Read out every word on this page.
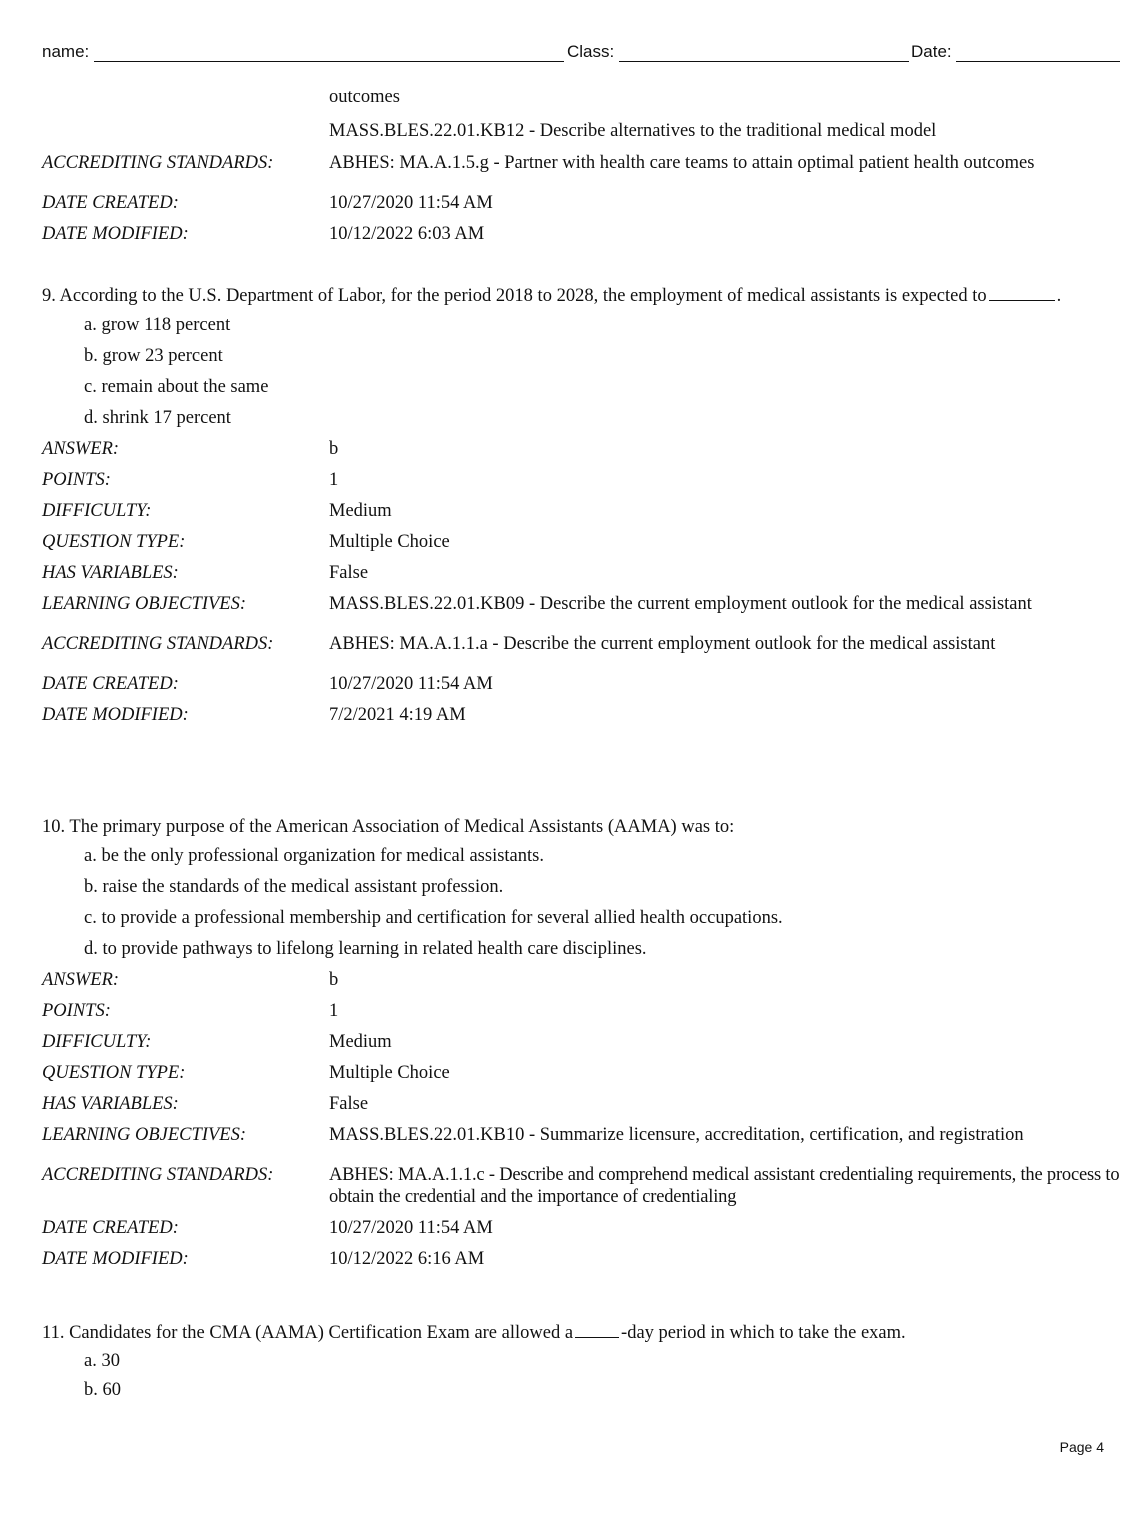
name:	Class:	Date:
outcomes
MASS.BLES.22.01.KB12 - Describe alternatives to the traditional medical model
ACCREDITING STANDARDS:	ABHES: MA.A.1.5.g - Partner with health care teams to attain optimal patient health outcomes
DATE CREATED:	10/27/2020 11:54 AM
DATE MODIFIED:	10/12/2022 6:03 AM
9. According to the U.S. Department of Labor, for the period 2018 to 2028, the employment of medical assistants is expected to	.
a. grow 118 percent
b. grow 23 percent
c. remain about the same
d. shrink 17 percent
ANSWER:	b
POINTS:	1
DIFFICULTY:	Medium
QUESTION TYPE:	Multiple Choice
HAS VARIABLES:	False
LEARNING OBJECTIVES:	MASS.BLES.22.01.KB09 - Describe the current employment outlook for the medical assistant
ACCREDITING STANDARDS:	ABHES: MA.A.1.1.a - Describe the current employment outlook for the medical assistant
DATE CREATED:	10/27/2020 11:54 AM
DATE MODIFIED:	7/2/2021 4:19 AM
10. The primary purpose of the American Association of Medical Assistants (AAMA) was to:
a. be the only professional organization for medical assistants.
b. raise the standards of the medical assistant profession.
c. to provide a professional membership and certification for several allied health occupations.
d. to provide pathways to lifelong learning in related health care disciplines.
ANSWER:	b
POINTS:	1
DIFFICULTY:	Medium
QUESTION TYPE:	Multiple Choice
HAS VARIABLES:	False
LEARNING OBJECTIVES:	MASS.BLES.22.01.KB10 - Summarize licensure, accreditation, certification, and registration
ACCREDITING STANDARDS:	ABHES: MA.A.1.1.c - Describe and comprehend medical assistant credentialing requirements, the process to obtain the credential and the importance of credentialing
DATE CREATED:	10/27/2020 11:54 AM
DATE MODIFIED:	10/12/2022 6:16 AM
11. Candidates for the CMA (AAMA) Certification Exam are allowed a	-day period in which to take the exam.
a. 30
b. 60
Page 4
